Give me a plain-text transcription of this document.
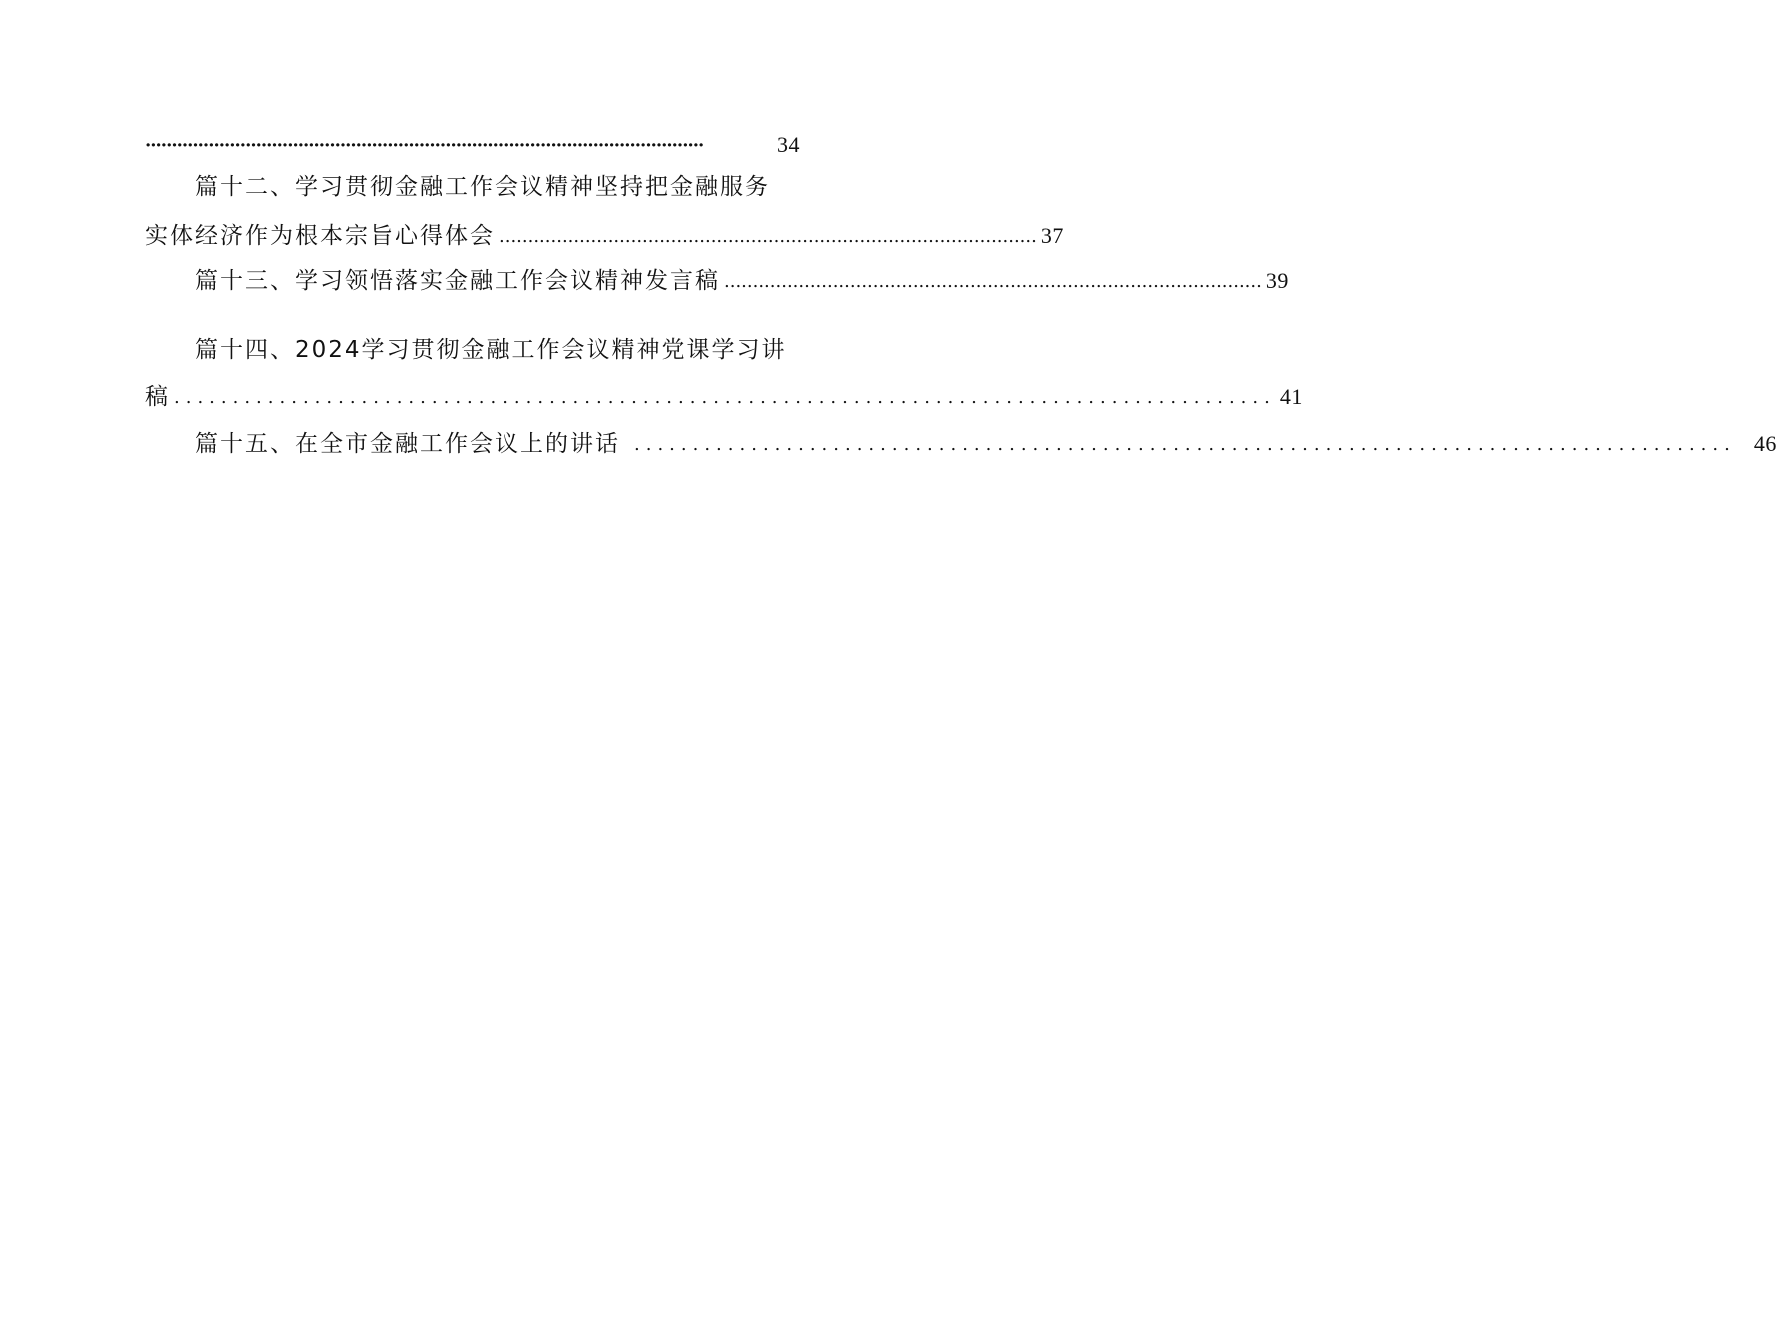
··········································································································	34
篇十二、学习贯彻金融工作会议精神坚持把金融服务
实体经济作为根本宗旨心得体会 .............................................................................................. 37
篇十三、学习领悟落实金融工作会议精神发言稿 .............................................................................................. 39
篇十四、2024学习贯彻金融工作会议精神党课学习讲
稿 .............................................................................................. 41
篇十五、在全市金融工作会议上的讲话 .............................................................................................. 46
